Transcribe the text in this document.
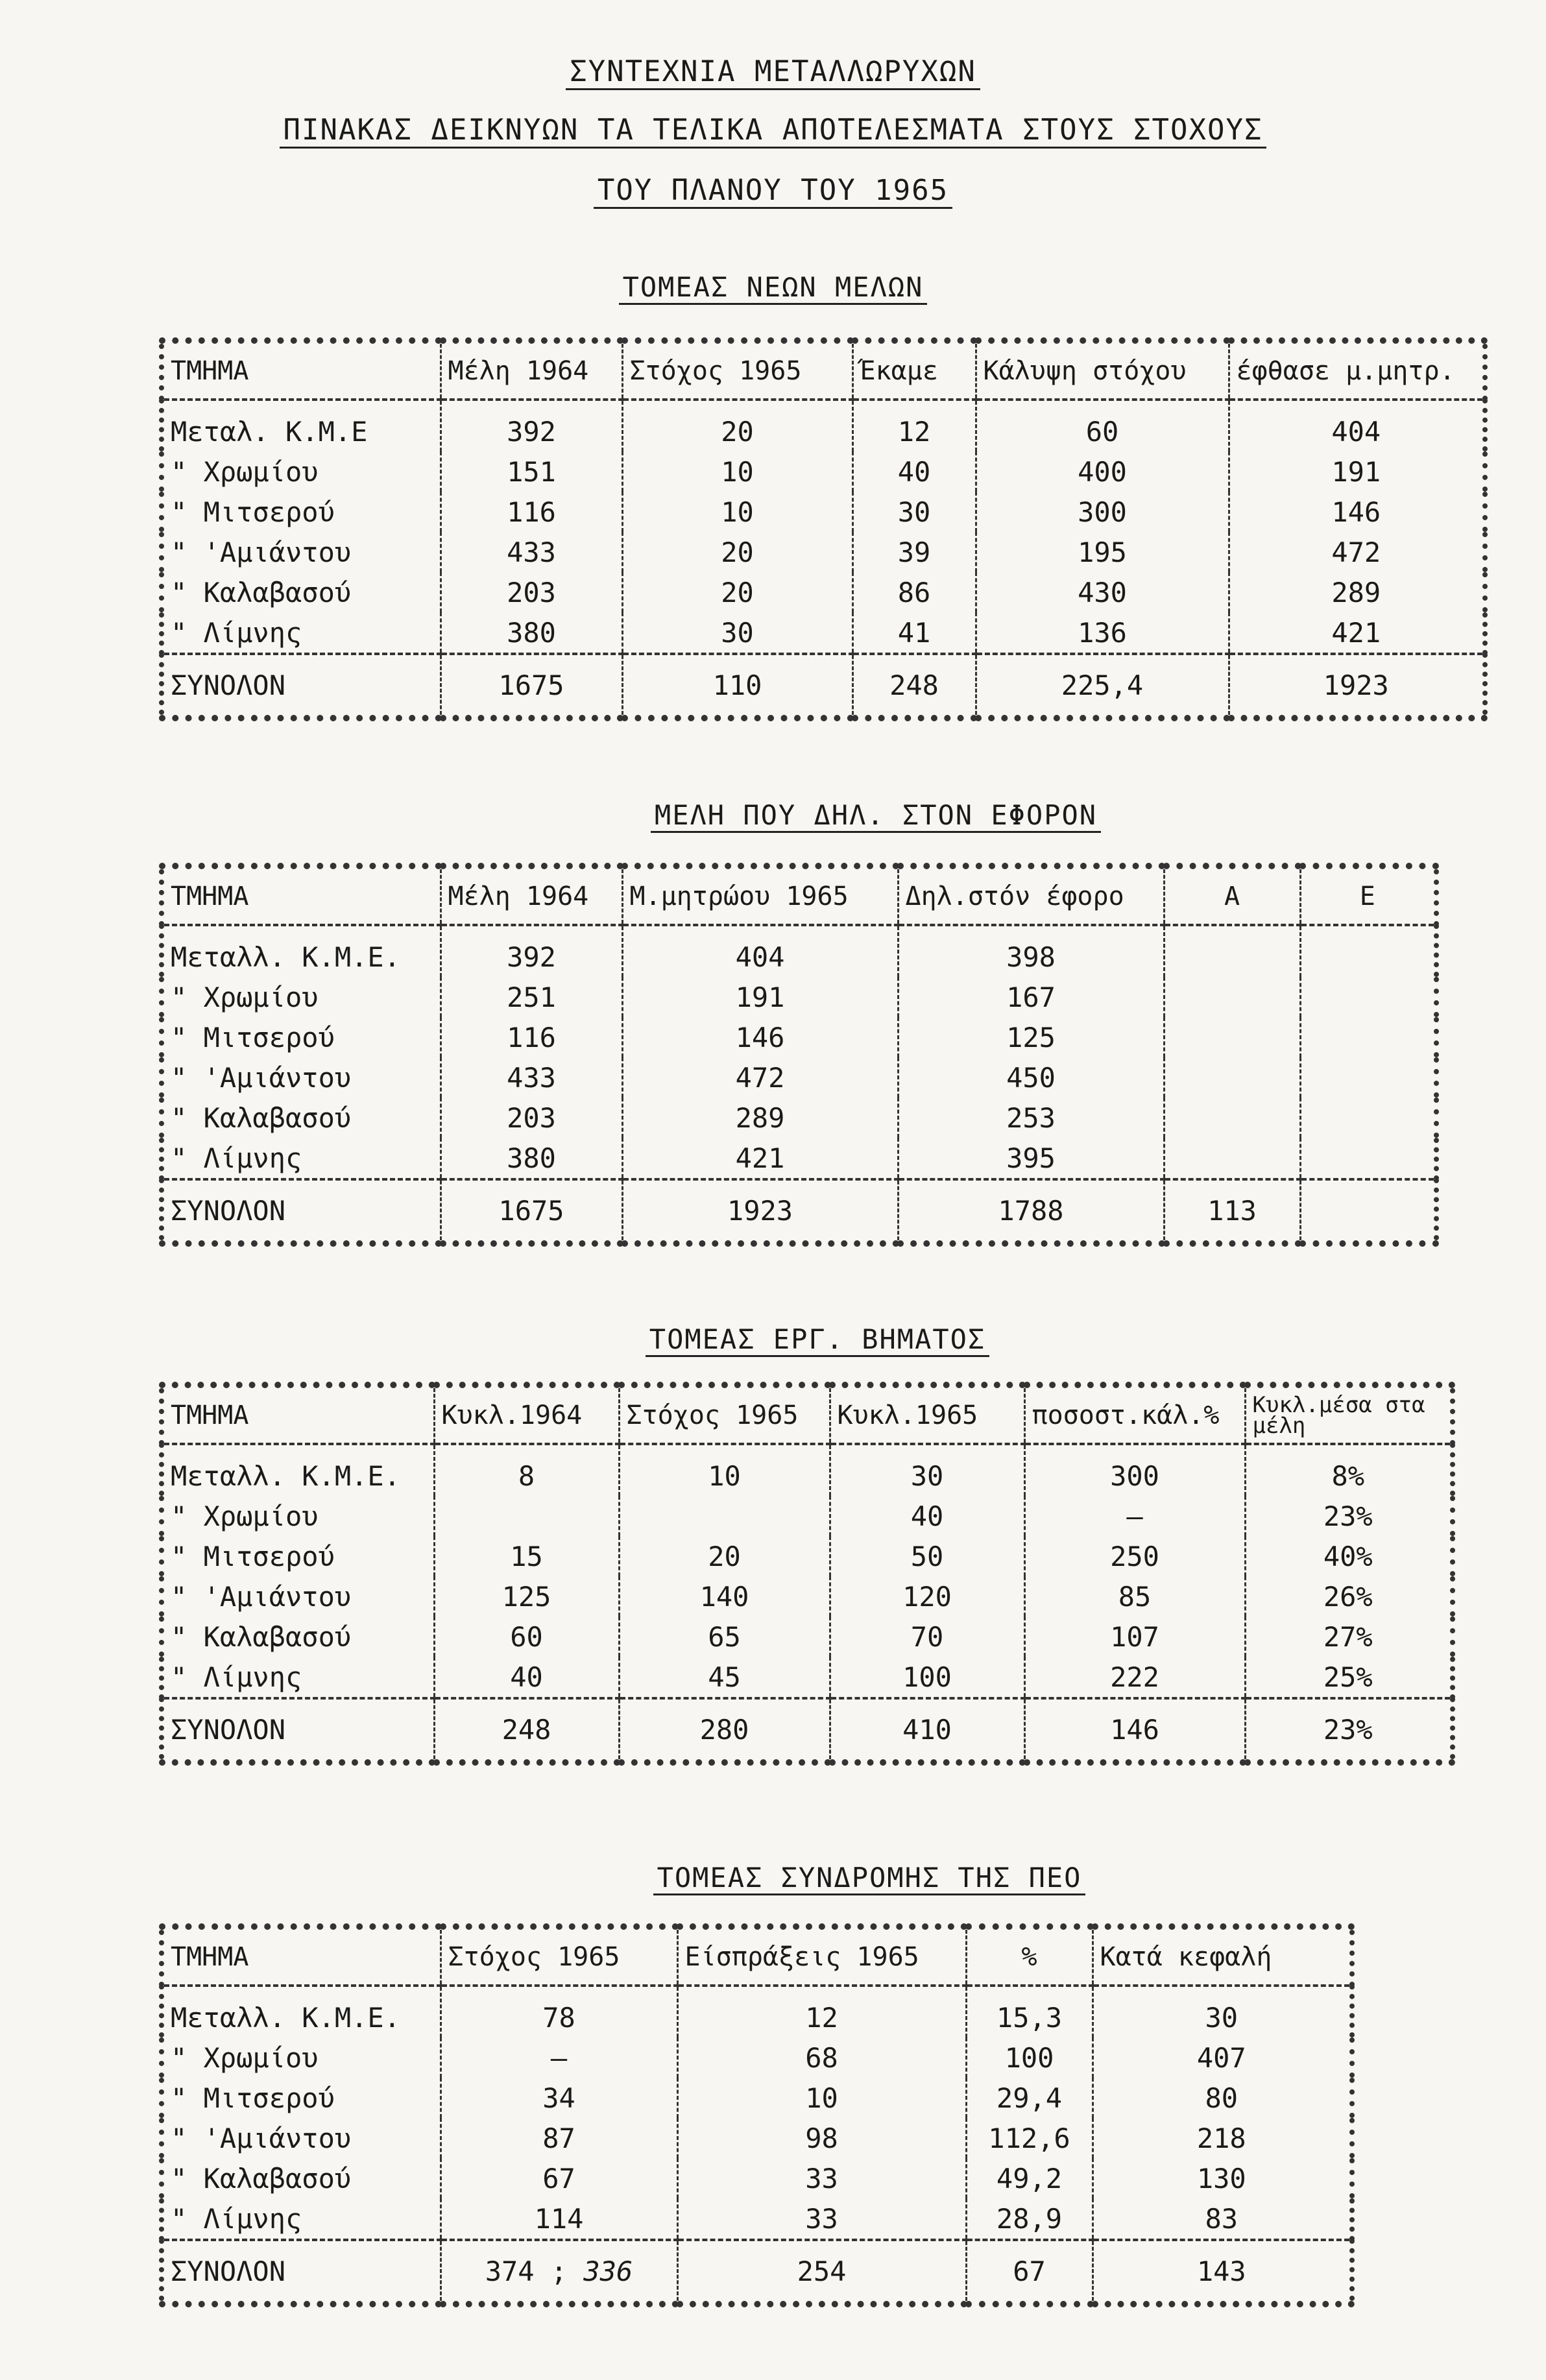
ΣΥΝΤΕΧΝΙΑ ΜΕΤΑΛΛΩΡΥΧΩΝ
ΠΙΝΑΚΑΣ ΔΕΙΚΝΥΩΝ ΤΑ ΤΕΛΙΚΑ ΑΠΟΤΕΛΕΣΜΑΤΑ ΣΤΟΥΣ ΣΤΟΧΟΥΣ
ΤΟΥ ΠΛΑΝΟΥ ΤΟΥ 1965
ΤΟΜΕΑΣ ΝΕΩΝ ΜΕΛΩΝ
ΤΜΗΜΑ	Μέλη 1964	Στόχος 1965	Έκαμε	Κάλυψη στόχου	έφθασε μ.μητρ.
Μεταλ. Κ.Μ.Ε	392	20	12	60	404
" Χρωμίου	151	10	40	400	191
" Μιτσερού	116	10	30	300	146
" 'Αμιάντου	433	20	39	195	472
" Καλαβασού	203	20	86	430	289
" Λίμνης	380	30	41	136	421
ΣΥΝΟΛΟΝ	1675	110	248	225,4	1923
ΜΕΛΗ ΠΟΥ ΔΗΛ. ΣΤΟΝ ΕΦΟΡΟΝ
ΤΜΗΜΑ	Μέλη 1964	Μ.μητρώου 1965	Δηλ.στόν έφορο	Α	Ε
Μεταλλ. Κ.Μ.Ε.	392	404	398		
" Χρωμίου	251	191	167		
" Μιτσερού	116	146	125		
" 'Αμιάντου	433	472	450		
" Καλαβασού	203	289	253		
" Λίμνης	380	421	395		
ΣΥΝΟΛΟΝ	1675	1923	1788	113	
ΤΟΜΕΑΣ ΕΡΓ. ΒΗΜΑΤΟΣ
ΤΜΗΜΑ	Κυκλ.1964	Στόχος 1965	Κυκλ.1965	ποσοστ.κάλ.%	Κυκλ.μέσα στα μέλη
Μεταλλ. Κ.Μ.Ε.	8	10	30	300	8%
" Χρωμίου			40	–	23%
" Μιτσερού	15	20	50	250	40%
" 'Αμιάντου	125	140	120	85	26%
" Καλαβασού	60	65	70	107	27%
" Λίμνης	40	45	100	222	25%
ΣΥΝΟΛΟΝ	248	280	410	146	23%
ΤΟΜΕΑΣ ΣΥΝΔΡΟΜΗΣ ΤΗΣ ΠΕΟ
ΤΜΗΜΑ	Στόχος 1965	Είσπράξεις 1965	%	Κατά κεφαλή
Μεταλλ. Κ.Μ.Ε.	78	12	15,3	30
" Χρωμίου	–	68	100	407
" Μιτσερού	34	10	29,4	80
" 'Αμιάντου	87	98	112,6	218
" Καλαβασού	67	33	49,2	130
" Λίμνης	114	33	28,9	83
ΣΥΝΟΛΟΝ	374 ; 336	254	67	143
